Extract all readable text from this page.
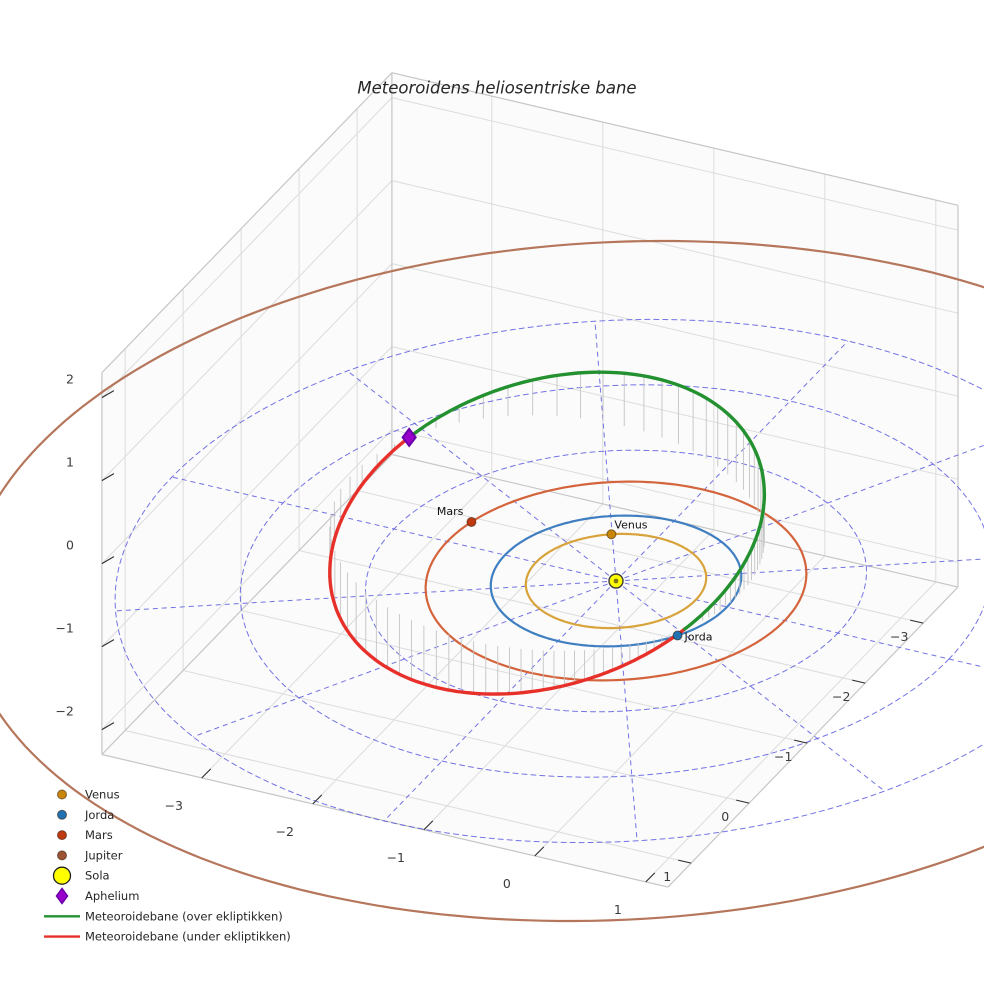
Venus
Jorda
Mars
−3
−2
−1
0
1
−3
−2
−1
0
1
−2
−1
0
1
2
Venus
Jorda
Mars
Jupiter
Sola
Aphelium
Meteoroidebane (over ekliptikken)
Meteoroidebane (under ekliptikken)
Meteoroidens heliosentriske bane
